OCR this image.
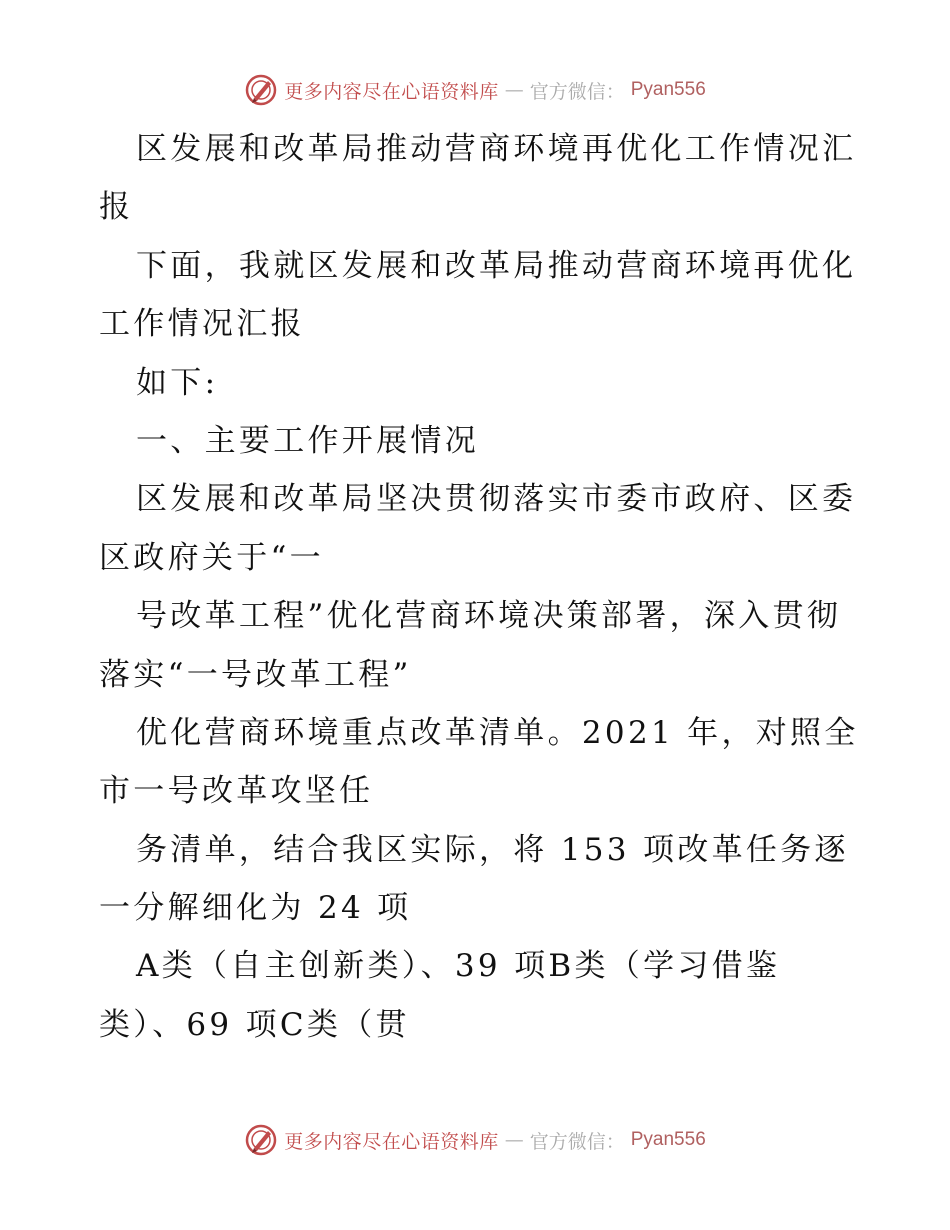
更多内容尽在心语资料库 — 官方微信： Pyan556
区发展和改革局推动营商环境再优化工作情况汇
报
下面，我就区发展和改革局推动营商环境再优化
工作情况汇报
如下:
一、主要工作开展情况
区发展和改革局坚决贯彻落实市委市政府、区委
区政府关于“一
号改革工程”优化营商环境决策部署，深入贯彻
落实“一号改革工程”
优化营商环境重点改革清单。2021 年，对照全
市一号改革攻坚任
务清单，结合我区实际，将 153 项改革任务逐
一分解细化为 24 项
A类（自主创新类）、39 项B类（学习借鉴
类）、69 项C类（贯
更多内容尽在心语资料库 — 官方微信： Pyan556
